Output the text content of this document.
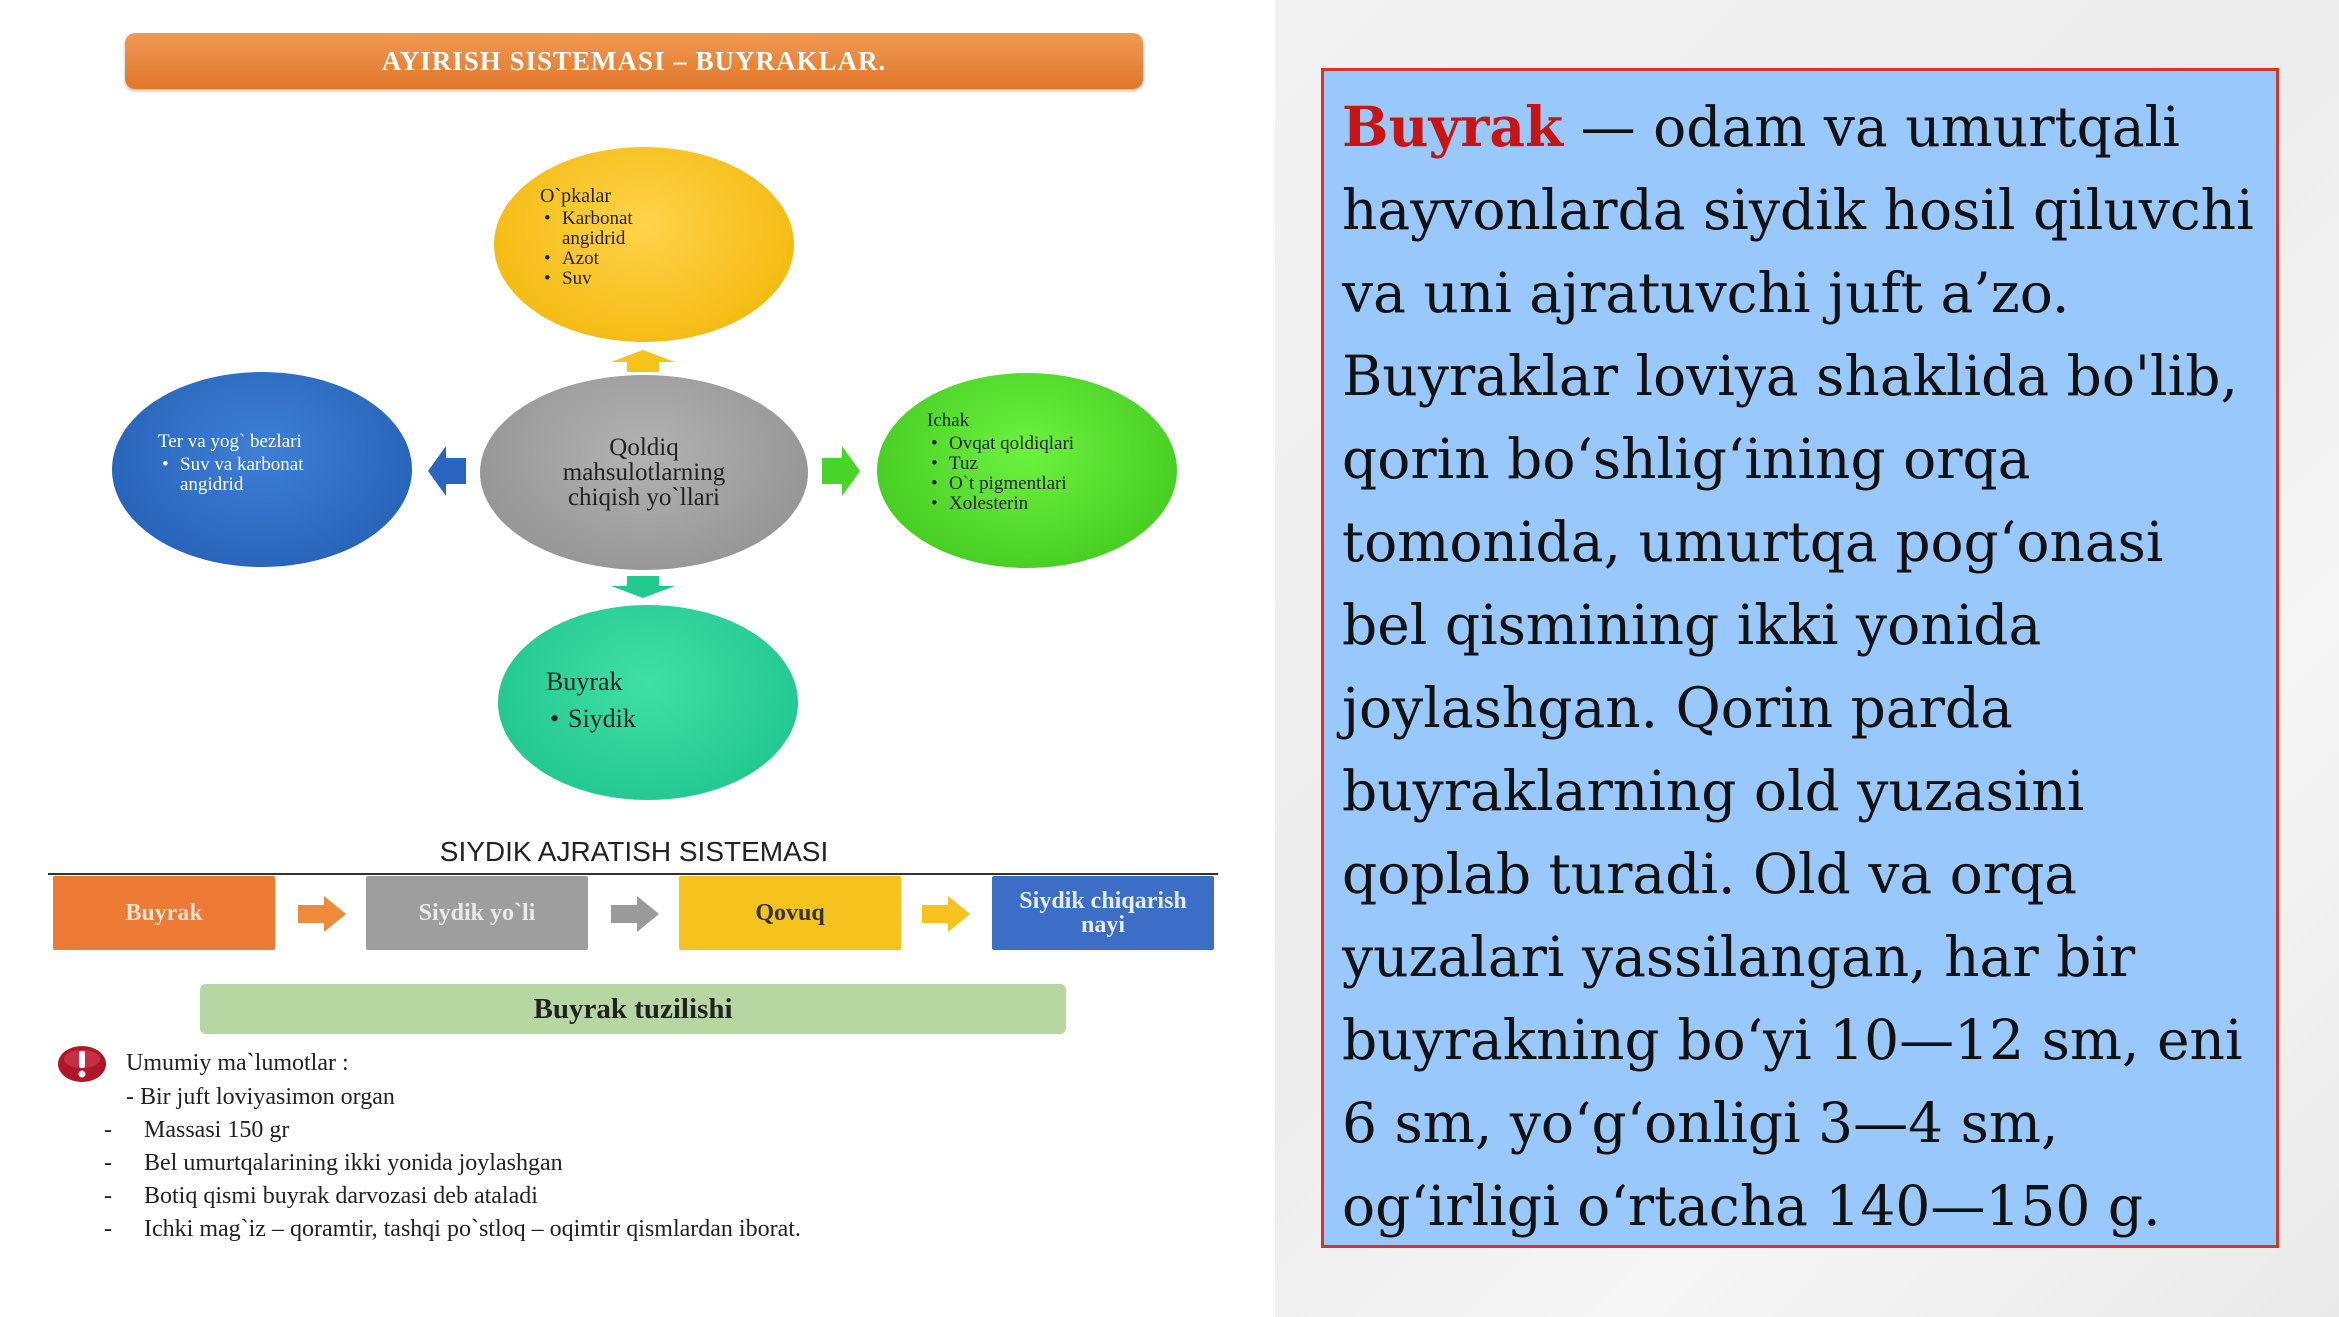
AYIRISH SISTEMASI – BUYRAKLAR.
O`pkalar
• Karbonat angidrid
• Azot
• Suv
Ter va yog` bezlari
• Suv va karbonat angidrid
Qoldiq
mahsulotlarning
chiqish yo`llari
Ichak
• Ovqat qoldiqlari
• Tuz
• O`t pigmentlari
• Xolesterin
Buyrak
• Siydik
SIYDIK AJRATISH SISTEMASI
Buyrak	Siydik yo`li	Qovuq	Siydik chiqarish nayi
Buyrak tuzilishi
Umumiy ma`lumotlar :
- Bir juft loviyasimon organ
- Massasi 150 gr
- Bel umurtqalarining ikki yonida joylashgan
- Botiq qismi buyrak darvozasi deb ataladi
- Ichki mag`iz – qoramtir, tashqi po`stloq – oqimtir qismlardan iborat.
Buyrak — odam va umurtqali hayvonlarda siydik hosil qiluvchi va uni ajratuvchi juft a’zo. Buyraklar loviya shaklida bo'lib, qorin bo‘shlig‘ining orqa tomonida, umurtqa pog‘onasi bel qismining ikki yonida joylashgan. Qorin parda buyraklarning old yuzasini qoplab turadi. Old va orqa yuzalari yassilangan, har bir buyrakning bo‘yi 10—12 sm, eni 6 sm, yo‘g‘onligi 3—4 sm, og‘irligi o‘rtacha 140—150 g.
